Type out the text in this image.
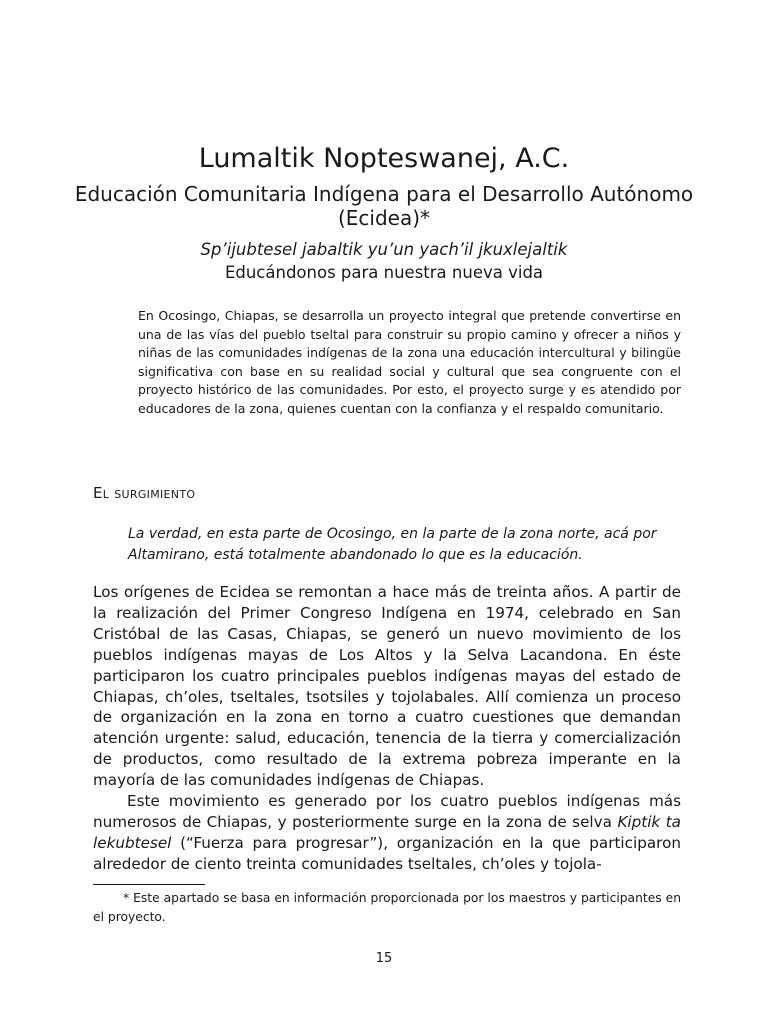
Lumaltik Nopteswanej, A.C.
Educación Comunitaria Indígena para el Desarrollo Autónomo (Ecidea)*
Sp’ijubtesel jabaltik yu’un yach’il jkuxlejaltik
Educándonos para nuestra nueva vida

En Ocosingo, Chiapas, se desarrolla un proyecto integral que pretende convertirse en una de las vías del pueblo tseltal para construir su propio camino y ofrecer a niños y niñas de las comunidades indígenas de la zona una educación intercultural y bilingüe significativa con base en su realidad social y cultural que sea congruente con el proyecto histórico de las comunidades. Por esto, el proyecto surge y es atendido por educadores de la zona, quienes cuentan con la confianza y el respaldo comunitario.

El surgimiento

La verdad, en esta parte de Ocosingo, en la parte de la zona norte, acá por Altamirano, está totalmente abandonado lo que es la educación.

Los orígenes de Ecidea se remontan a hace más de treinta años. A partir de la realización del Primer Congreso Indígena en 1974, celebrado en San Cristóbal de las Casas, Chiapas, se generó un nuevo movimiento de los pueblos indígenas mayas de Los Altos y la Selva Lacandona. En éste participaron los cuatro principales pueblos indígenas mayas del estado de Chiapas, ch’oles, tseltales, tsotsiles y tojolabales. Allí comienza un proceso de organización en la zona en torno a cuatro cuestiones que demandan atención urgente: salud, educación, tenencia de la tierra y comercialización de productos, como resultado de la extrema pobreza imperante en la mayoría de las comunidades indígenas de Chiapas.

Este movimiento es generado por los cuatro pueblos indígenas más numerosos de Chiapas, y posteriormente surge en la zona de selva Kiptik ta lekubtesel (“Fuerza para progresar”), organización en la que participaron alrededor de ciento treinta comunidades tseltales, ch’oles y tojola-

* Este apartado se basa en información proporcionada por los maestros y participantes en el proyecto.

15
